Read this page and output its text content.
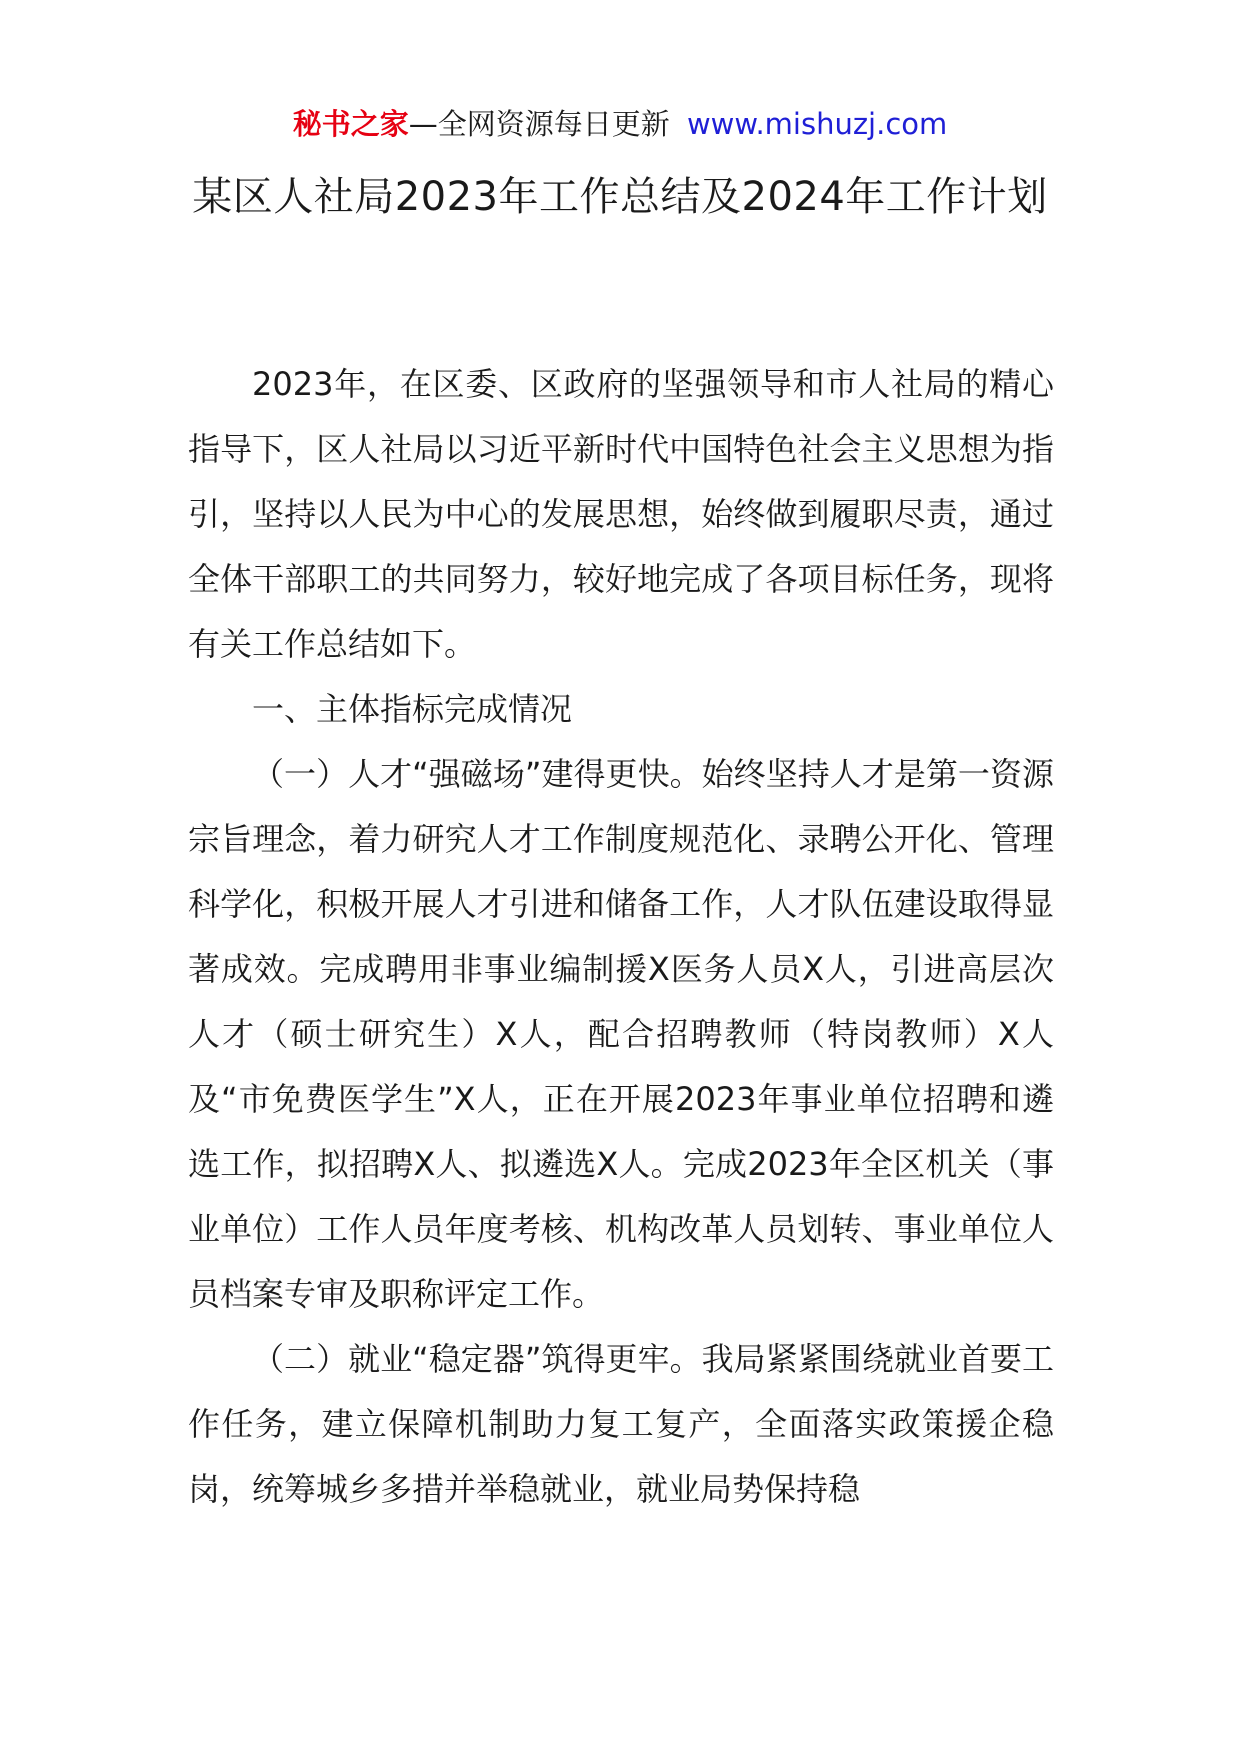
秘书之家—全网资源每日更新 www.mishuzj.com
某区人社局2023年工作总结及2024年工作计划

2023年，在区委、区政府的坚强领导和市人社局的精心指导下，区人社局以习近平新时代中国特色社会主义思想为指引，坚持以人民为中心的发展思想，始终做到履职尽责，通过全体干部职工的共同努力，较好地完成了各项目标任务，现将有关工作总结如下。

一、主体指标完成情况

（一）人才“强磁场”建得更快。始终坚持人才是第一资源宗旨理念，着力研究人才工作制度规范化、录聘公开化、管理科学化，积极开展人才引进和储备工作，人才队伍建设取得显著成效。完成聘用非事业编制援X医务人员X人，引进高层次人才（硕士研究生）X人，配合招聘教师（特岗教师）X人及“市免费医学生”X人，正在开展2023年事业单位招聘和遴选工作，拟招聘X人、拟遴选X人。完成2023年全区机关（事业单位）工作人员年度考核、机构改革人员划转、事业单位人员档案专审及职称评定工作。

（二）就业“稳定器”筑得更牢。我局紧紧围绕就业首要工作任务，建立保障机制助力复工复产，全面落实政策援企稳岗，统筹城乡多措并举稳就业，就业局势保持稳
